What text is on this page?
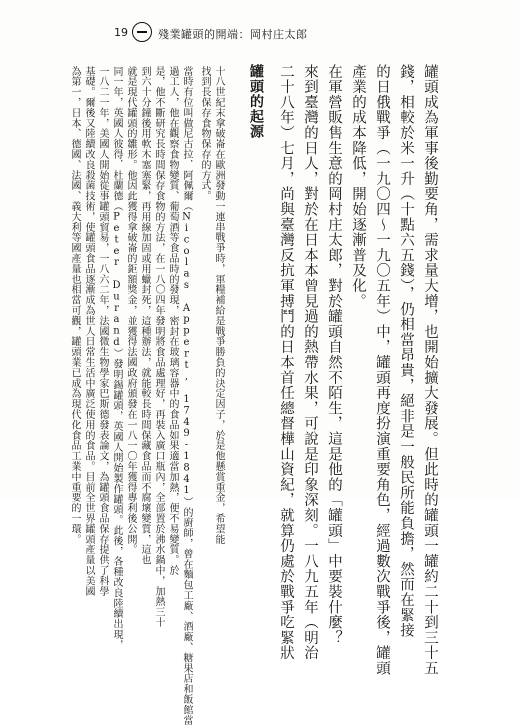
19	殘業罐頭的開端：岡村庄太郎
罐頭成為軍事後勤要角，需求量大增，也開始擴大發展。但此時的罐頭一罐約二十到三十五
錢，相較於米一升（十點六五錢），仍相當昂貴，絕非是一般民所能負擔，然而在緊接
的日俄戰爭（一九〇四〜一九〇五年）中，罐頭再度扮演重要角色，經過數次戰爭後，罐頭
產業的成本降低，開始逐漸普及化。
在軍營販售生意的岡村庄太郎，對於罐頭自然不陌生，這是他的「罐頭」中要裝什麼？
來到臺灣的日人，對於在日本本曾見過的熱帶水果，可說是印象深刻。一八九五年（明治
二十八年）七月，尚與臺灣反抗軍搏鬥的日本首任總督樺山資紀，就算仍處於戰爭吃緊狀
罐頭的起源
十八世紀末拿破崙在歐洲發動一連串戰爭時，軍糧補給是戰爭勝負的決定因子，於是他懸賞重金，希望能
找到長保存食物保存的方式。
當時有位叫做尼古拉．阿佩爾（Nicolas Appert, 1749-1841）的廚師，曾在麵包工廠、酒廠、糖果店和飯館當
過工人，他在觀察食物變質、葡萄酒等食品時的發現，密封在玻璃容器中的食品如果適當加熱，便不易變質。於
是，他不斷研究長時間保存食物的方法，在一八〇四年發明將食品處理好，再裝入廣口瓶內，全部置於沸水鍋中，加熱三十
到六十分鐘後用軟木塞塞緊，再用線加固或用蠟封死，這種辦法，就能較長時間保藏食品而不腐壞變質，這也
就是現代罐頭的雛形。他因此獲得拿破崙的鉅額獎金，並獲得法國政府頒發在一八一〇年獲得專利後公開。
同一年，英國人彼得．杜蘭德（Peter Durand）發明錫罐頭，英國人開始製作罐頭。此後，各種改良陸續出現，
一八二一年，美國人開始從事罐頭貿易，一八六二年，法國微生物學家巴斯德發表論文，為罐頭食品保存提供了科學
基礎。爾後又陸續改良殺菌技術，使罐頭食品逐漸成為世人日常生活中廣泛使用的食品。目前全世界罐頭產量以美國
為第一，日本、德國、法國、義大利等國產量也相當可觀，罐頭業已成為現代化食品工業中重要的一環。
